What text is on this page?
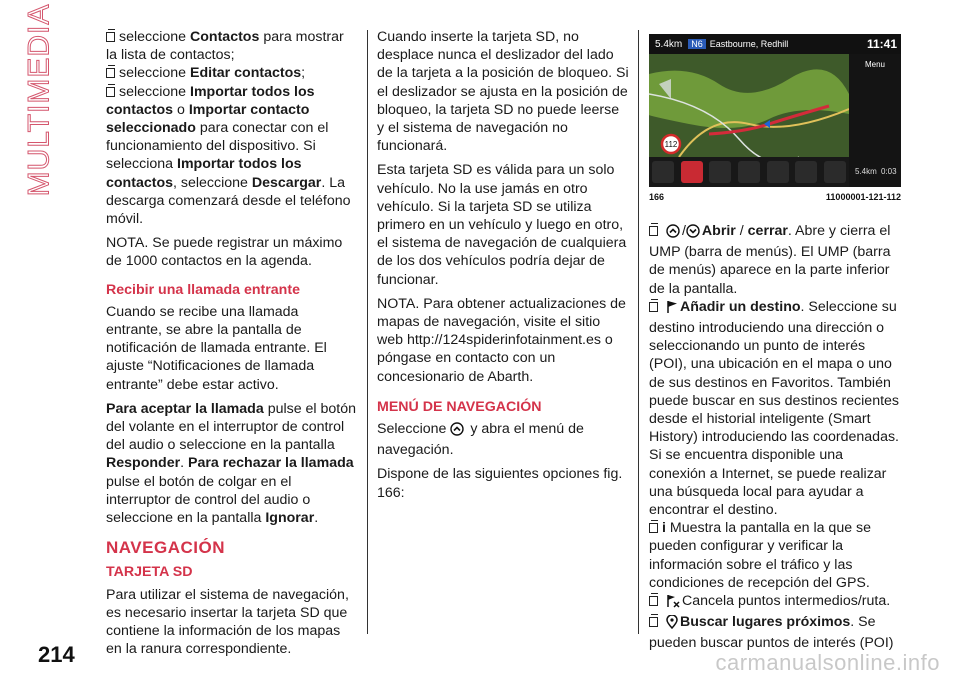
MULTIMEDIA	seleccione Contactos para mostrar la lista de contactos;

seleccione Editar contactos;

seleccione Importar todos los contactos o Importar contacto seleccionado para conectar con el funcionamiento del dispositivo. Si selecciona Importar todos los contactos, seleccione Descargar. La descarga comenzará desde el teléfono móvil.

NOTA. Se puede registrar un máximo de 1000 contactos en la agenda.

Recibir una llamada entrante

Cuando se recibe una llamada entrante, se abre la pantalla de notificación de llamada entrante. El ajuste “Notificaciones de llamada entrante” debe estar activo.

Para aceptar la llamada pulse el botón del volante en el interruptor de control del audio o seleccione en la pantalla Responder. Para rechazar la llamada pulse el botón de colgar en el interruptor de control del audio o seleccione en la pantalla Ignorar.

NAVEGACIÓN
TARJETA SD

Para utilizar el sistema de navegación, es necesario insertar la tarjeta SD que contiene la información de los mapas en la ranura correspondiente.

Cuando inserte la tarjeta SD, no desplace nunca el deslizador del lado de la tarjeta a la posición de bloqueo. Si el deslizador se ajusta en la posición de bloqueo, la tarjeta SD no puede leerse y el sistema de navegación no funcionará.

Esta tarjeta SD es válida para un solo vehículo. No la use jamás en otro vehículo. Si la tarjeta SD se utiliza primero en un vehículo y luego en otro, el sistema de navegación de cualquiera de los dos vehículos podría dejar de funcionar.

NOTA. Para obtener actualizaciones de mapas de navegación, visite el sitio web http://124spiderinfotainment.es o póngase en contacto con un concesionario de Abarth.

MENÚ DE NAVEGACIÓN

Seleccione y abra el menú de navegación.

Dispone de las siguientes opciones fig. 166:

5.4km	N6 Eastbourne, Redhill	11:41
112
Menu
5.4km 0:03
166	11000001-121-112

/ Abrir / cerrar. Abre y cierra el UMP (barra de menús). El UMP (barra de menús) aparece en la parte inferior de la pantalla.

Añadir un destino. Seleccione su destino introduciendo una dirección o seleccionando un punto de interés (POI), una ubicación en el mapa o uno de sus destinos en Favoritos. También puede buscar en sus destinos recientes desde el historial inteligente (Smart History) introduciendo las coordenadas. Si se encuentra disponible una conexión a Internet, se puede realizar una búsqueda local para ayudar a encontrar el destino.

i Muestra la pantalla en la que se pueden configurar y verificar la información sobre el tráfico y las condiciones de recepción del GPS.

Cancela puntos intermedios/ruta.

Buscar lugares próximos. Se pueden buscar puntos de interés (POI)

214	carmanualsonline.info
